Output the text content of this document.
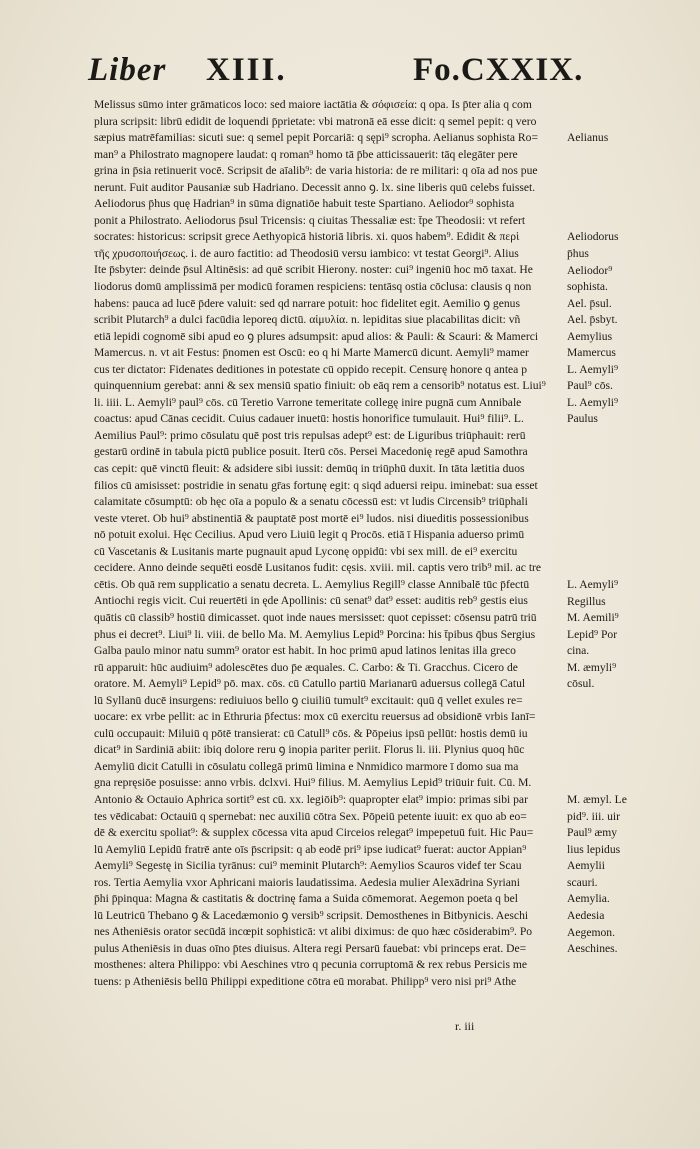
Liber XIII.	Fo.CXXIX.
Melissus sūmo inter grāmaticos loco: sed maiore iactātia & σόφισεία: q opa. Is p̄ter alia q com
plura scripsit: librū edidit de loquendi p̄prietate: vbi matronā eā esse dicit: q semel pepit: q vero
sæpius matrēfamilias: sicuti sue: q semel pepit Porcariā: q sępi⁹ scropha. Aelianus sophista Ro=
man⁹ a Philostrato magnopere laudat: q roman⁹ homo tā p̄be atticissauerit: tāq elegāter pere
grina in p̄sia retinuerit vocē. Scripsit de aīalib⁹: de varia historia: de re militari: q oīa ad nos pue
nerunt. Fuit auditor Pausaniæ sub Hadriano. Decessit anno ꝯ. lx. sine liberis quū celebs fuisset.
Aeliodorus p̄hus quę Hadrian⁹ in sūma dignatiōe habuit teste Spartiano. Aeliodor⁹ sophista
ponit a Philostrato. Aeliodorus p̄sul Tricensis: q ciuitas Thessaliæ est: t̄pe Theodosii: vt refert
socrates: historicus: scripsit grece Aethyopicā historiā libris. xi. quos habem⁹. Edidit & περὶ
τῆς χρυσοποιήσεως. i. de auro factitio: ad Theodosiū versu iambico: vt testat Georgi⁹. Alius
Ite p̄sbyter: deinde p̄sul Altinēsis: ad quē scribit Hierony. noster: cui⁹ ingeniū hoc mō taxat. He
liodorus domū amplissimā per modicū foramen respiciens: tentāsq ostia cōclusa: clausis q non
habens: pauca ad lucē p̄dere valuit: sed qd narrare potuit: hoc fidelitet egit. Aemilio ꝯ genus
scribit Plutarch⁹ a dulci facūdia leporeq dictū. αἰμυλία. n. lepiditas siue placabilitas dicit: vñ
etiā lepidi cognomē sibi apud eo ꝯ plures adsumpsit: apud alios: & Pauli: & Scauri: & Mamerci
Mamercus. n. vt ait Festus: p̄nomen est Oscū: eo q hi Marte Mamercū dicunt. Aemyli⁹ mamer
cus ter dictator: Fidenates deditiones in potestate cū oppido recepit. Censurę honore q antea p
quinquennium gerebat: anni & sex mensiū spatio finiuit: ob eāq rem a censorib⁹ notatus est. Liui⁹
li. iiii. L. Aemyli⁹ paul⁹ cōs. cū Teretio Varrone temeritate collegę inire pugnā cum Annibale
coactus: apud Cānas cecidit. Cuius cadauer inuetū: hostis honorifice tumulauit. Hui⁹ filii⁹. L.
Aemilius Paul⁹: primo cōsulatu quē post tris repulsas adept⁹ est: de Liguribus triūphauit: rerū
gestarū ordinē in tabula pictū publice posuit. Iterū cōs. Persei Macedonię regē apud Samothra
cas cepit: quē vinctū fleuit: & adsidere sibi iussit: demūq in triūphū duxit. In tāta lætitia duos
filios cū amisisset: postridie in senatu gr̄as fortunę egit: q siqd aduersi reipu. iminebat: sua esset
calamitate cōsumptū: ob hęc oīa a populo & a senatu cōcessū est: vt ludis Circensib⁹ triūphali
veste vteret. Ob hui⁹ abstinentiā & pauptatē post mortē ei⁹ ludos. nisi diueditis possessionibus
nō potuit exolui. Hęc Cecilius. Apud vero Liuiū legit q Procōs. etiā ī Hispania aduerso primū
cū Vascetanis & Lusitanis marte pugnauit apud Lyconę oppidū: vbi sex mill. de ei⁹ exercitu
cecidere. Anno deinde sequēti eosdē Lusitanos fudit: cęsis. xviii. mil. captis vero trib⁹ mil. ac tre
cētis. Ob quā rem supplicatio a senatu decreta. L. Aemylius Regill⁹ classe Annibalē tūc p̄fectū
Antiochi regis vicit. Cui reuertēti in ęde Apollinis: cū senat⁹ dat⁹ esset: auditis reb⁹ gestis eius
quātis cū classib⁹ hostiū dimicasset. quot inde naues mersisset: quot cepisset: cōsensu patrū triū
phus ei decret⁹. Liui⁹ li. viii. de bello Ma. M. Aemylius Lepid⁹ Porcina: his t̄pibus q̄bus Sergius
Galba paulo minor natu summ⁹ orator est habit. In hoc primū apud latinos lenitas illa greco
rū apparuit: hūc audiuim⁹ adolescētes duo p̄e æquales. C. Carbo: & Ti. Gracchus. Cicero de
oratore. M. Aemyli⁹ Lepid⁹ pō. max. cōs. cū Catullo partiū Marianarū aduersus collegā Catul
lū Syllanū ducē insurgens: rediuiuos bello ꝯ ciuiliū tumult⁹ excitauit: quū q̄ vellet exules re=
uocare: ex vrbe pellit: ac in Ethruria p̄fectus: mox cū exercitu reuersus ad obsidionē vrbis Ianī=
culū occupauit: Miluiū q pōtē transierat: cū Catull⁹ cōs. & Pōpeius ipsū pellūt: hostis demū iu
dicat⁹ in Sardiniā abiit: ibiq dolore reru ꝯ inopia pariter periit. Florus li. iii. Plynius quoq hūc
Aemyliū dicit Catulli in cōsulatu collegā primū limina e Nnmidico marmore ī domo sua ma
gna repręsiōe posuisse: anno vrbis. dclxvi. Hui⁹ filius. M. Aemylius Lepid⁹ triūuir fuit. Cū. M.
Antonio & Octauio Aphrica sortit⁹ est cū. xx. legiōib⁹: quapropter elat⁹ impio: primas sibi par
tes vēdicabat: Octauiū q spernebat: nec auxiliū cōtra Sex. Pōpeiū petente iuuit: ex quo ab eo=
dē & exercitu spoliat⁹: & supplex cōcessa vita apud Circeios relegat⁹ impepetuū fuit. Hic Pau=
lū Aemyliū Lepidū fratrē ante oīs p̄scripsit: q ab eodē pri⁹ ipse iudicat⁹ fuerat: auctor Appian⁹
Aemyli⁹ Segestę in Sicilia tyrānus: cui⁹ meminit Plutarch⁹: Aemylios Scauros videf ter Scau
ros. Tertia Aemylia vxor Aphricani maioris laudatissima. Aedesia mulier Alexādrina Syriani
p̄hi p̄pinqua: Magna & castitatis & doctrinę fama a Suida cōmemorat. Aegemon poeta q bel
lū Leutricū Thebano ꝯ & Lacedæmonio ꝯ versib⁹ scripsit. Demosthenes in Bitbynicis. Aeschi
nes Atheniēsis orator secūdā incœpit sophisticā: vt alibi diximus: de quo hæc cōsiderabim⁹. Po
pulus Atheniēsis in duas oīno p̄tes diuisus. Altera regi Persarū fauebat: vbi princeps erat. De=
mosthenes: altera Philippo: vbi Aeschines vtro q pecunia corruptomā & rex rebus Persicis me
tuens: p Atheniēsis bellū Philippi expeditione cōtra eū morabat. Philipp⁹ vero nisi pri⁹ Athe
Aelianus
Aeliodorus
p̄hus
Aeliodor⁹
sophista.
Ael. p̄sul.
Ael. p̄sbyt.
Aemylius
Mamercus
L. Aemyli⁹
Paul⁹ cōs.
L. Aemyli⁹
Paulus
L. Aemyli⁹
Regillus
M. Aemili⁹
Lepid⁹ Por
cina.
M. æmyli⁹
cōsul.
M. æmyl. Le
pid⁹. iii. uir
Paul⁹ æmy
lius lepidus
Aemylii
scauri.
Aemylia.
Aedesia
Aegemon.
Aeschines.
r. iii
